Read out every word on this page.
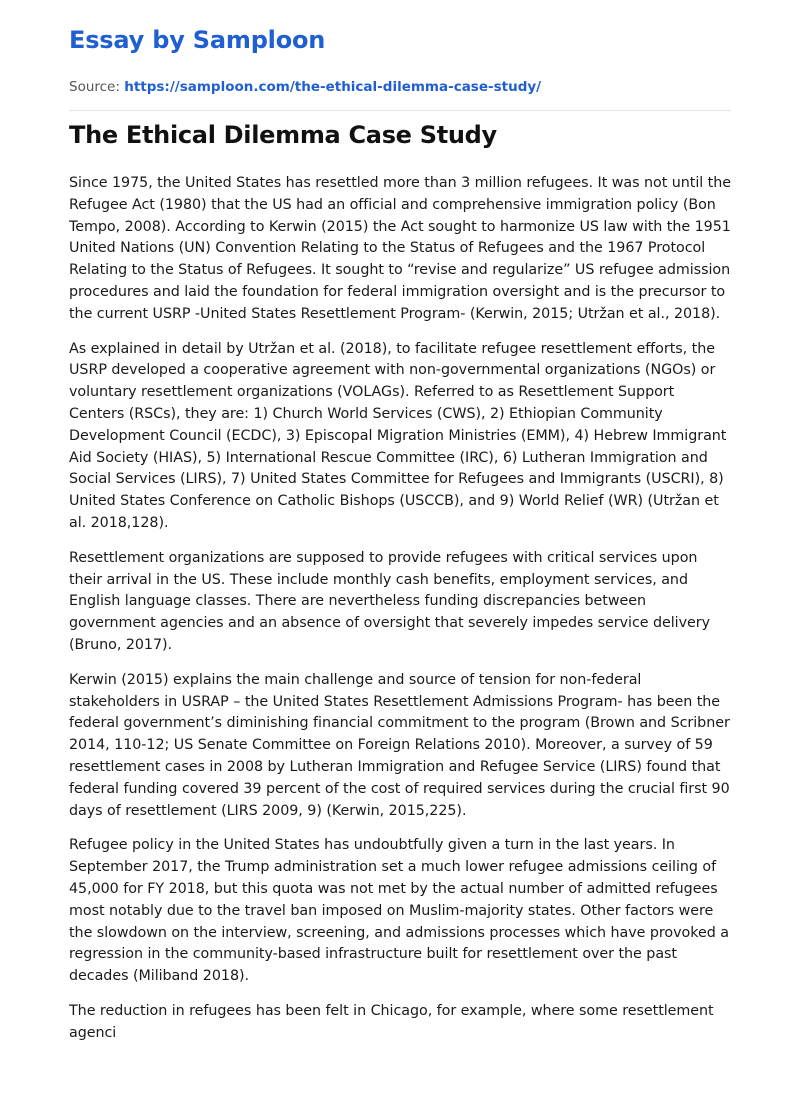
Essay by Samploon
Source: https://samploon.com/the-ethical-dilemma-case-study/
The Ethical Dilemma Case Study

Since 1975, the United States has resettled more than 3 million refugees. It was not until the Refugee Act (1980) that the US had an official and comprehensive immigration policy (Bon Tempo, 2008). According to Kerwin (2015) the Act sought to harmonize US law with the 1951 United Nations (UN) Convention Relating to the Status of Refugees and the 1967 Protocol Relating to the Status of Refugees. It sought to “revise and regularize” US refugee admission procedures and laid the foundation for federal immigration oversight and is the precursor to the current USRP -United States Resettlement Program- (Kerwin, 2015; Utržan et al., 2018).

As explained in detail by Utržan et al. (2018), to facilitate refugee resettlement efforts, the USRP developed a cooperative agreement with non-governmental organizations (NGOs) or voluntary resettlement organizations (VOLAGs). Referred to as Resettlement Support Centers (RSCs), they are: 1) Church World Services (CWS), 2) Ethiopian Community Development Council (ECDC), 3) Episcopal Migration Ministries (EMM), 4) Hebrew Immigrant Aid Society (HIAS), 5) International Rescue Committee (IRC), 6) Lutheran Immigration and Social Services (LIRS), 7) United States Committee for Refugees and Immigrants (USCRI), 8) United States Conference on Catholic Bishops (USCCB), and 9) World Relief (WR) (Utržan et al. 2018,128).

Resettlement organizations are supposed to provide refugees with critical services upon their arrival in the US. These include monthly cash benefits, employment services, and English language classes. There are nevertheless funding discrepancies between government agencies and an absence of oversight that severely impedes service delivery (Bruno, 2017).

Kerwin (2015) explains the main challenge and source of tension for non-federal stakeholders in USRAP – the United States Resettlement Admissions Program- has been the federal government’s diminishing financial commitment to the program (Brown and Scribner 2014, 110-12; US Senate Committee on Foreign Relations 2010). Moreover, a survey of 59 resettlement cases in 2008 by Lutheran Immigration and Refugee Service (LIRS) found that federal funding covered 39 percent of the cost of required services during the crucial first 90 days of resettlement (LIRS 2009, 9) (Kerwin, 2015,225).

Refugee policy in the United States has undoubtfully given a turn in the last years. In September 2017, the Trump administration set a much lower refugee admissions ceiling of 45,000 for FY 2018, but this quota was not met by the actual number of admitted refugees most notably due to the travel ban imposed on Muslim-majority states. Other factors were the slowdown on the interview, screening, and admissions processes which have provoked a regression in the community-based infrastructure built for resettlement over the past decades (Miliband 2018).

The reduction in refugees has been felt in Chicago, for example, where some resettlement agenci
